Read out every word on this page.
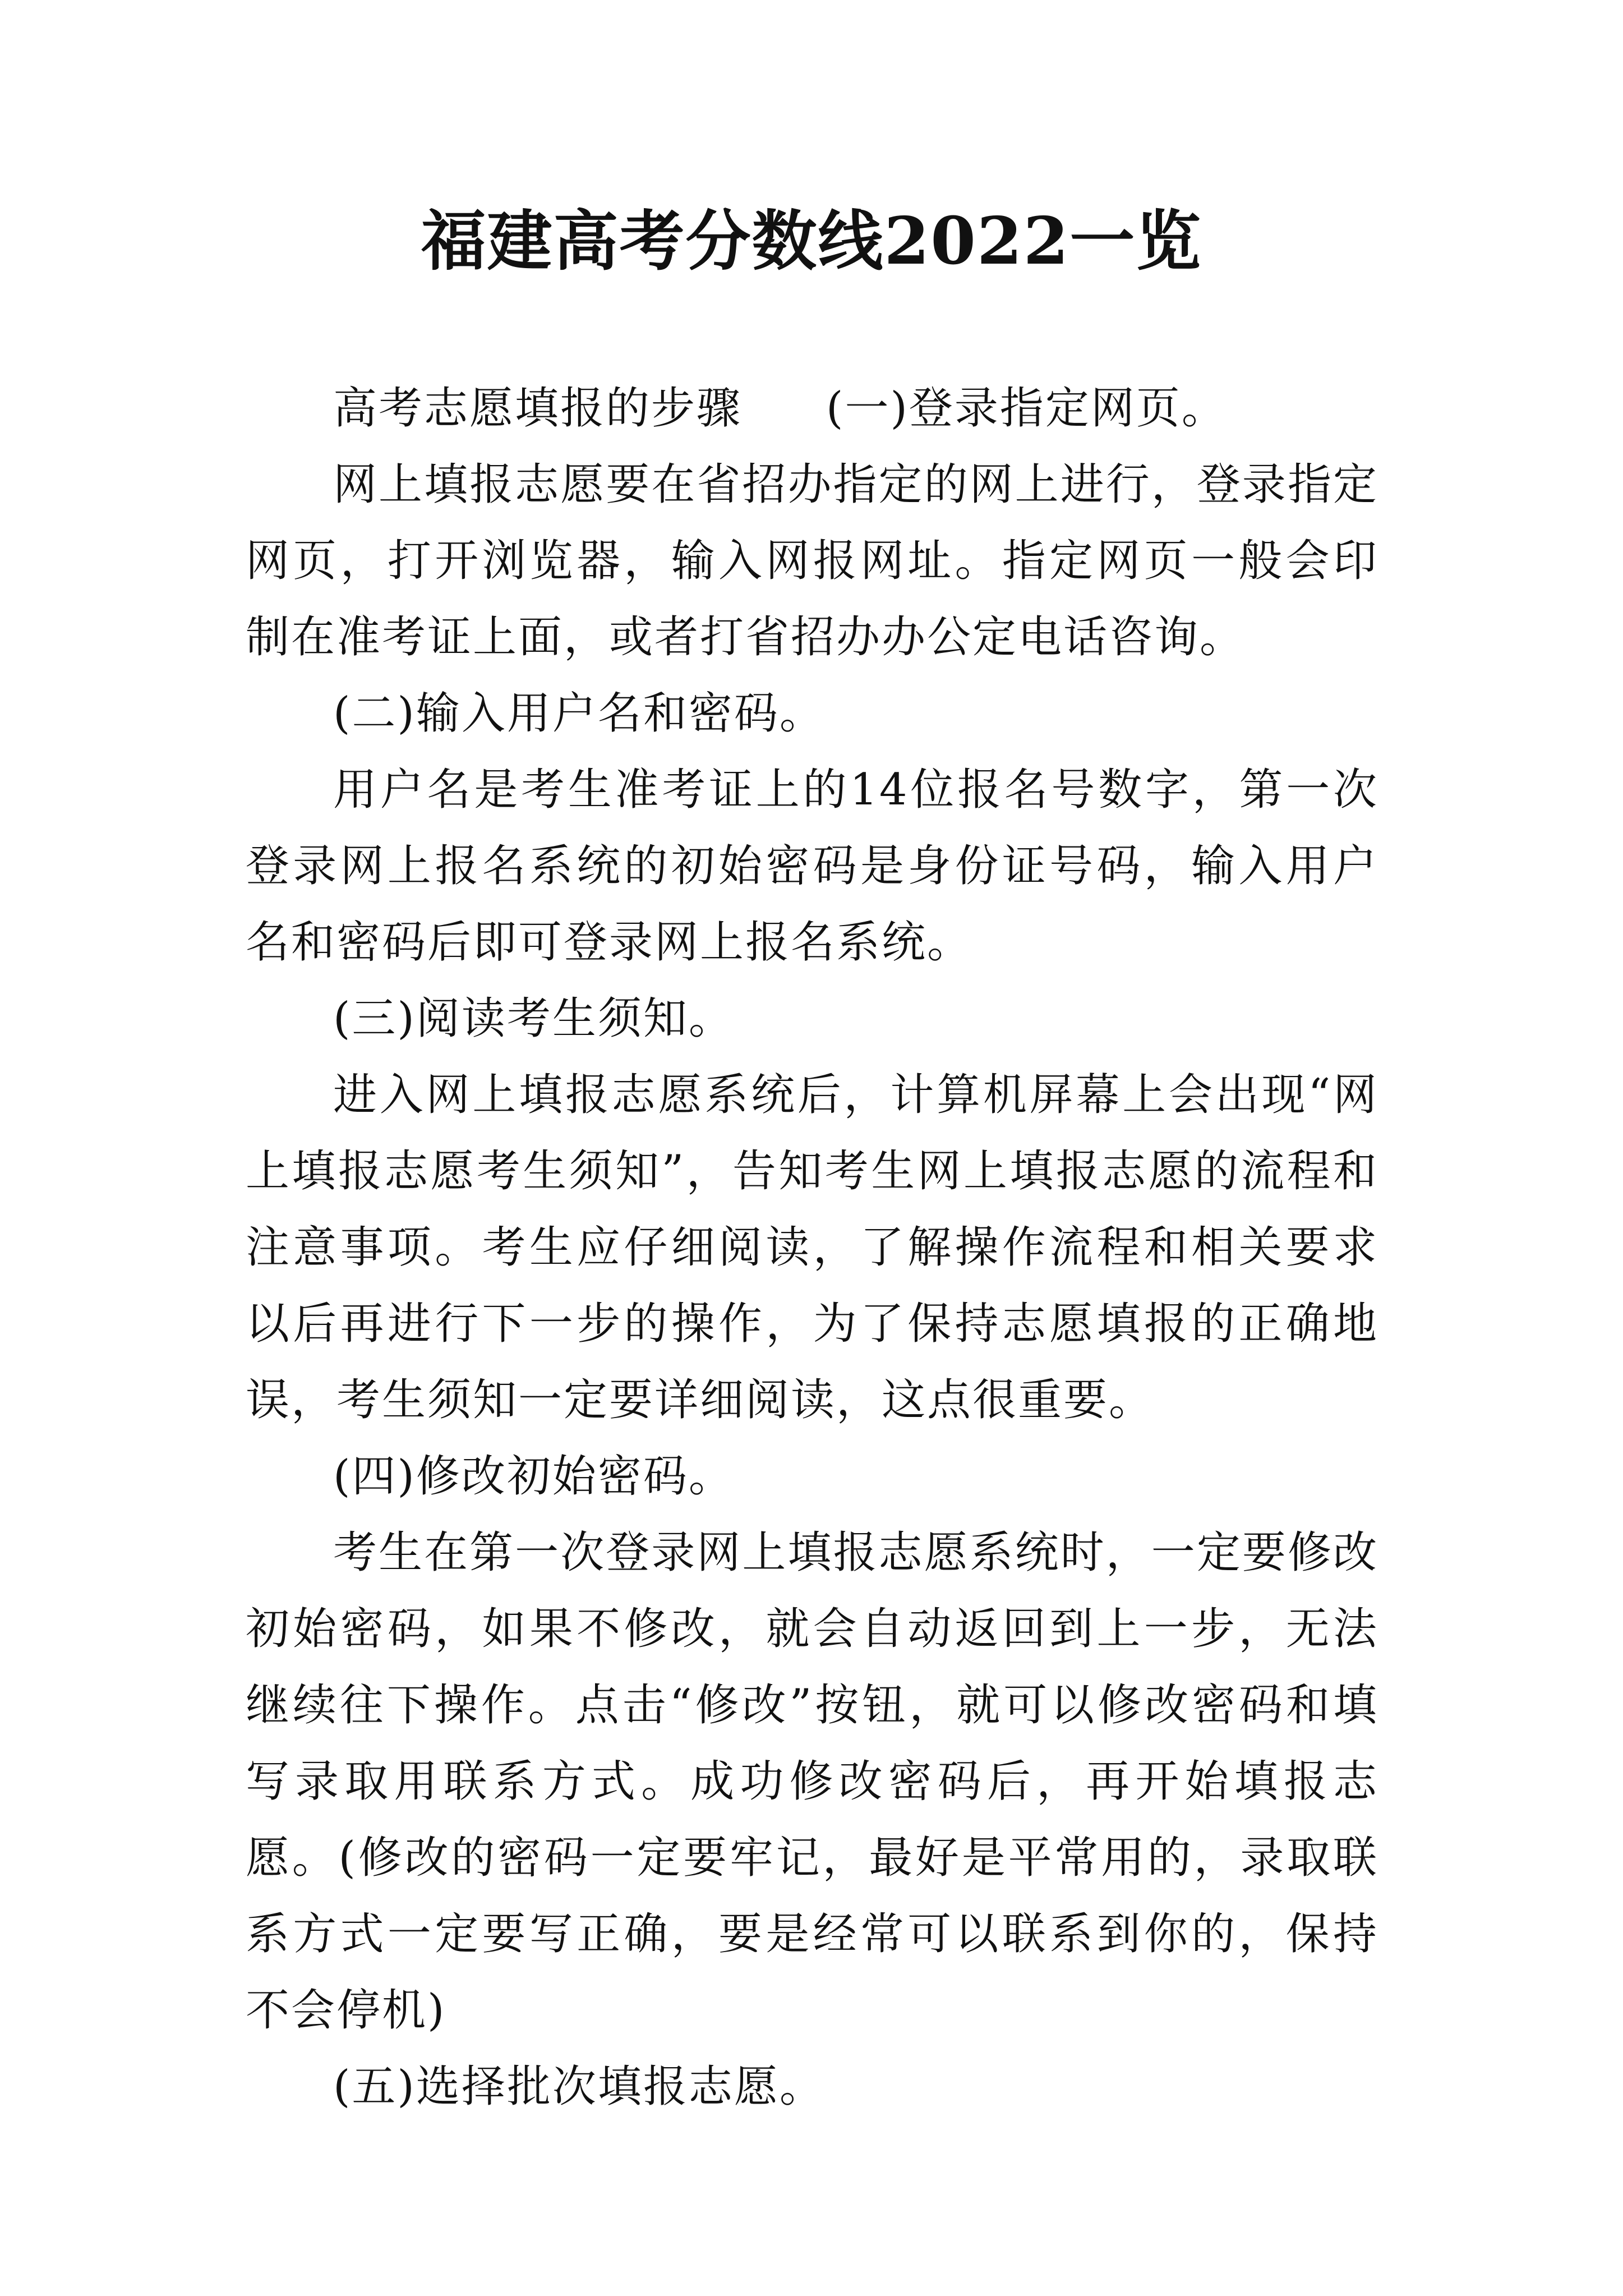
福建高考分数线2022一览

高考志愿填报的步骤 (一)登录指定网页。

网上填报志愿要在省招办指定的网上进行，登录指定网页，打开浏览器，输入网报网址。指定网页一般会印制在准考证上面，或者打省招办办公定电话咨询。

(二)输入用户名和密码。

用户名是考生准考证上的14位报名号数字，第一次登录网上报名系统的初始密码是身份证号码，输入用户名和密码后即可登录网上报名系统。

(三)阅读考生须知。

进入网上填报志愿系统后，计算机屏幕上会出现“网上填报志愿考生须知”，告知考生网上填报志愿的流程和注意事项。考生应仔细阅读，了解操作流程和相关要求以后再进行下一步的操作，为了保持志愿填报的正确地误，考生须知一定要详细阅读，这点很重要。

(四)修改初始密码。

考生在第一次登录网上填报志愿系统时，一定要修改初始密码，如果不修改，就会自动返回到上一步，无法继续往下操作。点击“修改”按钮，就可以修改密码和填写录取用联系方式。成功修改密码后，再开始填报志愿。(修改的密码一定要牢记，最好是平常用的，录取联系方式一定要写正确，要是经常可以联系到你的，保持不会停机)

(五)选择批次填报志愿。
